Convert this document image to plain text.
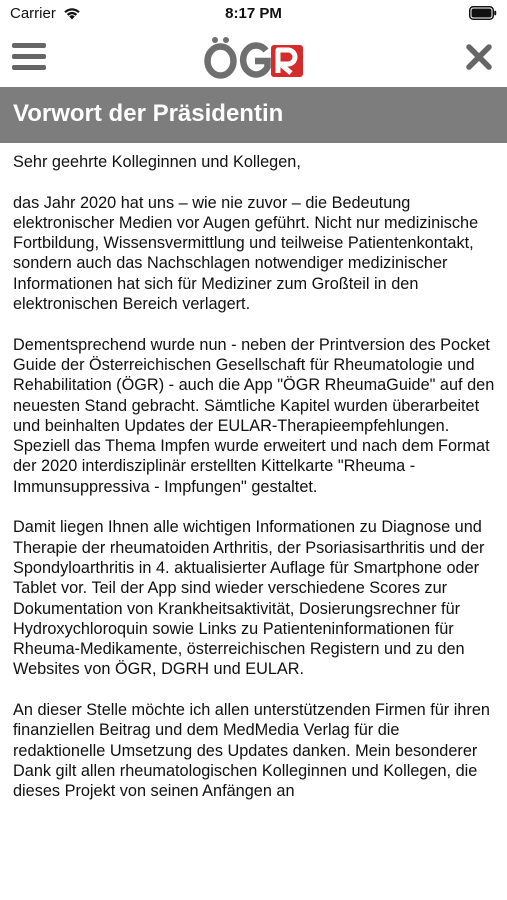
Carrier	8:17 PM
Vorwort der Präsidentin

Sehr geehrte Kolleginnen und Kollegen,

das Jahr 2020 hat uns – wie nie zuvor – die Bedeutung elektronischer Medien vor Augen geführt. Nicht nur medizinische Fortbildung, Wissensvermittlung und teilweise Patientenkontakt, sondern auch das Nachschlagen notwendiger medizinischer Informationen hat sich für Mediziner zum Großteil in den elektronischen Bereich verlagert.

Dementsprechend wurde nun - neben der Printversion des Pocket Guide der Österreichischen Gesellschaft für Rheumatologie und Rehabilitation (ÖGR) - auch die App "ÖGR RheumaGuide" auf den neuesten Stand gebracht. Sämtliche Kapitel wurden überarbeitet und beinhalten Updates der EULAR-Therapieempfehlungen. Speziell das Thema Impfen wurde erweitert und nach dem Format der 2020 interdisziplinär erstellten Kittelkarte "Rheuma - Immunsuppressiva - Impfungen" gestaltet.

Damit liegen Ihnen alle wichtigen Informationen zu Diagnose und Therapie der rheumatoiden Arthritis, der Psoriasisarthritis und der Spondyloarthritis in 4. aktualisierter Auflage für Smartphone oder Tablet vor. Teil der App sind wieder verschiedene Scores zur Dokumentation von Krankheitsaktivität, Dosierungsrechner für Hydroxychloroquin sowie Links zu Patienteninformationen für Rheuma-Medikamente, österreichischen Registern und zu den Websites von ÖGR, DGRH und EULAR.

An dieser Stelle möchte ich allen unterstützenden Firmen für ihren finanziellen Beitrag und dem MedMedia Verlag für die redaktionelle Umsetzung des Updates danken. Mein besonderer Dank gilt allen rheumatologischen Kolleginnen und Kollegen, die dieses Projekt von seinen Anfängen an
